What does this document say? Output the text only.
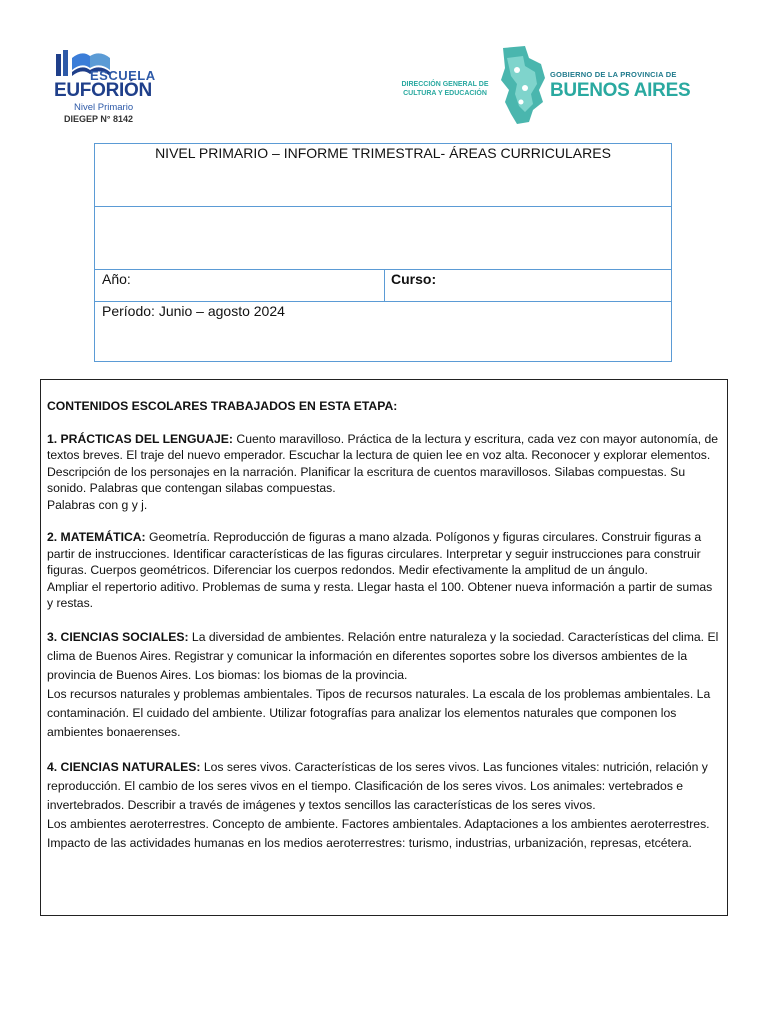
ESCUELA
EUFORIÓN
Nivel Primario
DIEGEP N° 8142
DIRECCIÓN GENERAL DE CULTURA Y EDUCACIÓN
GOBIERNO DE LA PROVINCIA DE
BUENOS AIRES
NIVEL PRIMARIO – INFORME TRIMESTRAL- ÁREAS CURRICULARES
Año:	Curso:
Período: Junio – agosto 2024

CONTENIDOS ESCOLARES TRABAJADOS EN ESTA ETAPA:

1. PRÁCTICAS DEL LENGUAJE: Cuento maravilloso. Práctica de la lectura y escritura, cada vez con mayor autonomía, de textos breves. El traje del nuevo emperador. Escuchar la lectura de quien lee en voz alta. Reconocer y explorar elementos. Descripción de los personajes en la narración. Planificar la escritura de cuentos maravillosos. Silabas compuestas. Su sonido. Palabras que contengan silabas compuestas.

Palabras con g y j.

2. MATEMÁTICA: Geometría. Reproducción de figuras a mano alzada. Polígonos y figuras circulares. Construir figuras a partir de instrucciones. Identificar características de las figuras circulares. Interpretar y seguir instrucciones para construir figuras. Cuerpos geométricos. Diferenciar los cuerpos redondos. Medir efectivamente la amplitud de un ángulo.

Ampliar el repertorio aditivo. Problemas de suma y resta. Llegar hasta el 100. Obtener nueva información a partir de sumas y restas.

3. CIENCIAS SOCIALES: La diversidad de ambientes. Relación entre naturaleza y la sociedad. Características del clima. El clima de Buenos Aires. Registrar y comunicar la información en diferentes soportes sobre los diversos ambientes de la provincia de Buenos Aires. Los biomas: los biomas de la provincia.

Los recursos naturales y problemas ambientales. Tipos de recursos naturales. La escala de los problemas ambientales. La contaminación. El cuidado del ambiente. Utilizar fotografías para analizar los elementos naturales que componen los ambientes bonaerenses.

4. CIENCIAS NATURALES: Los seres vivos. Características de los seres vivos. Las funciones vitales: nutrición, relación y reproducción. El cambio de los seres vivos en el tiempo. Clasificación de los seres vivos. Los animales: vertebrados e invertebrados. Describir a través de imágenes y textos sencillos las características de los seres vivos.

Los ambientes aeroterrestres. Concepto de ambiente. Factores ambientales. Adaptaciones a los ambientes aeroterrestres. Impacto de las actividades humanas en los medios aeroterrestres: turismo, industrias, urbanización, represas, etcétera.
